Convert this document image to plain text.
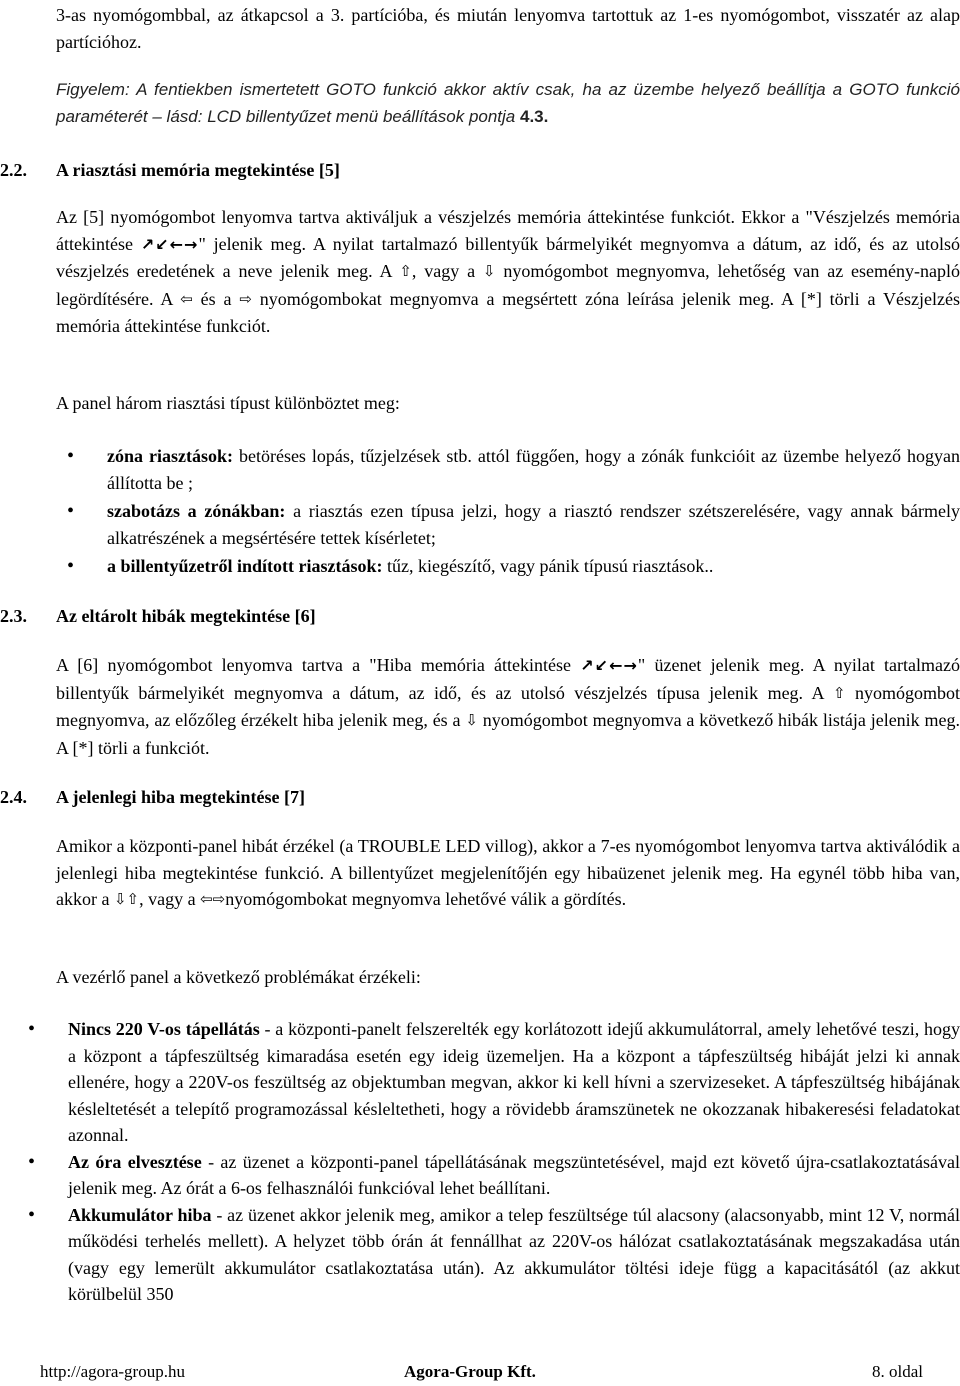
3-as nyomógombbal, az átkapcsol a 3. partícióba, és miután lenyomva tartottuk az 1-es nyomógombot, visszatér az alap partícióhoz.

Figyelem: A fentiekben ismertetett GOTO funkció akkor aktív csak, ha az üzembe helyező beállítja a GOTO funkció paraméterét – lásd: LCD billentyűzet menü beállítások pontja 4.3.

2.2. A riasztási memória megtekintése [5]

Az [5] nyomógombot lenyomva tartva aktiváljuk a vészjelzés memória áttekintése funkciót. Ekkor a "Vészjelzés memória áttekintése ↗↙←→" jelenik meg. A nyilat tartalmazó billentyűk bármelyikét megnyomva a dátum, az idő, és az utolsó vészjelzés eredetének a neve jelenik meg. A ⇧, vagy a ⇩ nyomógombot megnyomva, lehetőség van az esemény-napló legördítésére. A ⇦ és a ⇨ nyomógombokat megnyomva a megsértett zóna leírása jelenik meg. A [*] törli a Vészjelzés memória áttekintése funkciót.

A panel három riasztási típust különböztet meg:

• zóna riasztások: betöréses lopás, tűzjelzések stb. attól függően, hogy a zónák funkcióit az üzembe helyező hogyan állította be ;
• szabotázs a zónákban: a riasztás ezen típusa jelzi, hogy a riasztó rendszer szétszerelésére, vagy annak bármely alkatrészének a megsértésére tettek kísérletet;
• a billentyűzetről indított riasztások: tűz, kiegészítő, vagy pánik típusú riasztások..
2.3. Az eltárolt hibák megtekintése [6]

A [6] nyomógombot lenyomva tartva a "Hiba memória áttekintése ↗↙←→" üzenet jelenik meg. A nyilat tartalmazó billentyűk bármelyikét megnyomva a dátum, az idő, és az utolsó vészjelzés típusa jelenik meg. A ⇧ nyomógombot megnyomva, az előzőleg érzékelt hiba jelenik meg, és a ⇩ nyomógombot megnyomva a következő hibák listája jelenik meg. A [*] törli a funkciót.

2.4. A jelenlegi hiba megtekintése [7]

Amikor a központi-panel hibát érzékel (a TROUBLE LED villog), akkor a 7-es nyomógombot lenyomva tartva aktiválódik a jelenlegi hiba megtekintése funkció. A billentyűzet megjelenítőjén egy hibaüzenet jelenik meg. Ha egynél több hiba van, akkor a ⇩⇧, vagy a ⇦⇨nyomógombokat megnyomva lehetővé válik a gördítés.

A vezérlő panel a következő problémákat érzékeli:

• Nincs 220 V-os tápellátás - a központi-panelt felszerelték egy korlátozott idejű akkumulátorral, amely lehetővé teszi, hogy a központ a tápfeszültség kimaradása esetén egy ideig üzemeljen. Ha a központ a tápfeszültség hibáját jelzi ki annak ellenére, hogy a 220V-os feszültség az objektumban megvan, akkor ki kell hívni a szervizeseket. A tápfeszültség hibájának késleltetését a telepítő programozással késleltetheti, hogy a rövidebb áramszünetek ne okozzanak hibakeresési feladatokat azonnal.
• Az óra elvesztése - az üzenet a központi-panel tápellátásának megszüntetésével, majd ezt követő újra-csatlakoztatásával jelenik meg. Az órát a 6-os felhasználói funkcióval lehet beállítani.
• Akkumulátor hiba - az üzenet akkor jelenik meg, amikor a telep feszültsége túl alacsony (alacsonyabb, mint 12 V, normál működési terhelés mellett). A helyzet több órán át fennállhat az 220V-os hálózat csatlakoztatásának megszakadása után (vagy egy lemerült akkumulátor csatlakoztatása után). Az akkumulátor töltési ideje függ a kapacitásától (az akkut körülbelül 350
http://agora-group.hu	Agora-Group Kft.	8. oldal
